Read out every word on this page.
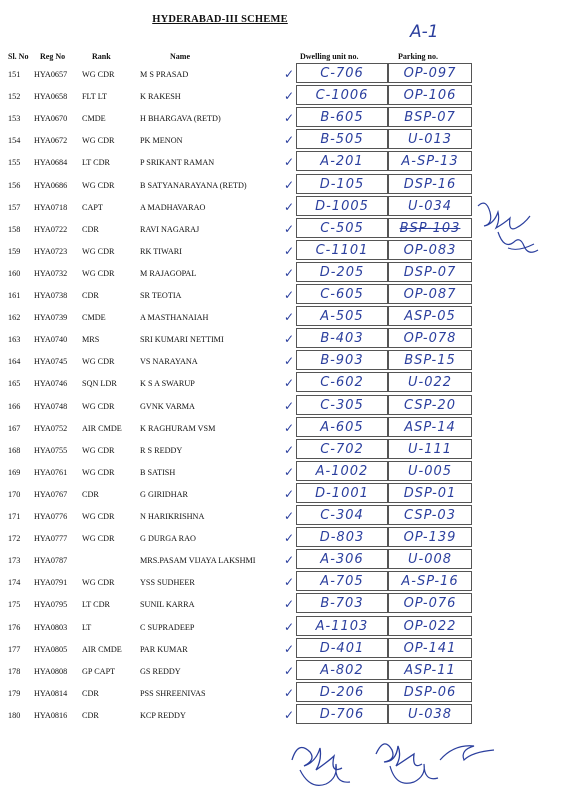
HYDERABAD-III SCHEME
A-1
Sl. No Reg No	Rank	Name	Dwelling unit no.	Parking no.
151 HYA0657 WG CDR	M S PRASAD	✓	C-706	OP-097
152 HYA0658 FLT LT	K RAKESH	✓	C-1006	OP-106
153 HYA0670 CMDE	H BHARGAVA (RETD)	✓	B-605	BSP-07
154 HYA0672 WG CDR	PK MENON	✓	B-505	U-013
155 HYA0684 LT CDR	P SRIKANT RAMAN	✓	A-201	A-SP-13
156 HYA0686 WG CDR	B SATYANARAYANA (RETD)	✓	D-105	DSP-16
157 HYA0718 CAPT	A MADHAVARAO	✓	D-1005	U-034
158 HYA0722 CDR	RAVI NAGARAJ	✓	C-505	BSP-103
159 HYA0723 WG CDR	RK TIWARI	✓	C-1101	OP-083
160 HYA0732 WG CDR	M RAJAGOPAL	✓	D-205	DSP-07
161 HYA0738 CDR	SR TEOTIA	✓	C-605	OP-087
162 HYA0739 CMDE	A MASTHANAIAH	✓	A-505	ASP-05
163 HYA0740 MRS	SRI KUMARI NETTIMI	✓	B-403	OP-078
164 HYA0745 WG CDR	VS NARAYANA	✓	B-903	BSP-15
165 HYA0746 SQN LDR	K S A SWARUP	✓	C-602	U-022
166 HYA0748 WG CDR	GVNK VARMA	✓	C-305	CSP-20
167 HYA0752 AIR CMDE K RAGHURAM VSM	✓	A-605	ASP-14
168 HYA0755 WG CDR	R S REDDY	✓	C-702	U-111
169 HYA0761 WG CDR	B SATISH	✓	A-1002	U-005
170 HYA0767 CDR	G GIRIDHAR	✓	D-1001	DSP-01
171 HYA0776 WG CDR	N HARIKRISHNA	✓	C-304	CSP-03
172 HYA0777 WG CDR	G DURGA RAO	✓	D-803	OP-139
173 HYA0787	MRS.PASAM VIJAYA LAKSHMI ✓	A-306	U-008
174 HYA0791 WG CDR	YSS SUDHEER	✓	A-705	A-SP-16
175 HYA0795 LT CDR	SUNIL KARRA	✓	B-703	OP-076
176 HYA0803 LT	C SUPRADEEP	✓	A-1103	OP-022
177 HYA0805 AIR CMDE PAR KUMAR	✓	D-401	OP-141
178 HYA0808 GP CAPT	GS REDDY	✓	A-802	ASP-11
179 HYA0814 CDR	PSS SHREENIVAS	✓	D-206	DSP-06
180 HYA0816 CDR	KCP REDDY	✓	D-706	U-038
